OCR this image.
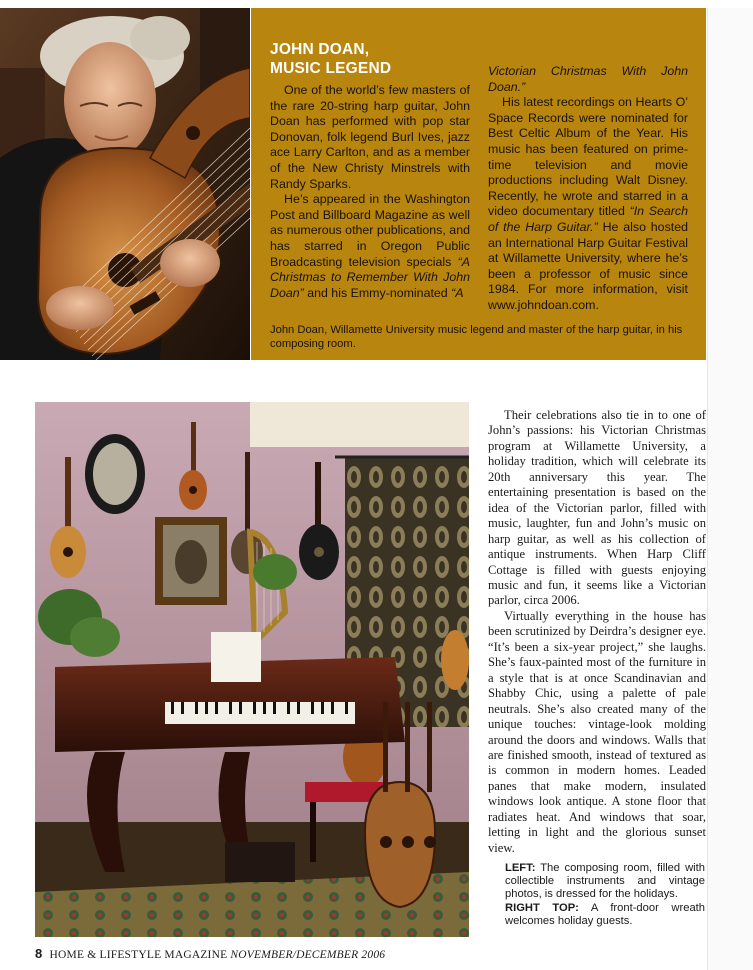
JOHN DOAN,
MUSIC LEGEND

One of the world’s few masters of the rare 20-string harp guitar, John Doan has performed with pop star Donovan, folk legend Burl Ives, jazz ace Larry Carlton, and as a member of the New Christy Minstrels with Randy Sparks.

He’s appeared in the Washington Post and Billboard Magazine as well as numerous other publications, and has starred in Oregon Public Broadcasting television specials “A Christmas to Remember With John Doan” and his Emmy-nominated “A

Victorian Christmas With John Doan.”

His latest recordings on Hearts O’ Space Records were nominated for Best Celtic Album of the Year. His music has been featured on prime-time television and movie productions including Walt Disney. Recently, he wrote and starred in a video documentary titled “In Search of the Harp Guitar.” He also hosted an International Harp Guitar Festival at Willamette University, where he’s been a professor of music since 1984. For more information, visit www.johndoan.com.

John Doan, Willamette University music legend and master of the harp guitar, in his composing room.

Their celebrations also tie in to one of John’s passions: his Victorian Christmas program at Willamette University, a holiday tradition, which will celebrate its 20th anniversary this year. The entertaining presentation is based on the idea of the Victorian parlor, filled with music, laughter, fun and John’s music on harp guitar, as well as his collection of antique instruments. When Harp Cliff Cottage is filled with guests enjoying music and fun, it seems like a Victorian parlor, circa 2006.

Virtually everything in the house has been scrutinized by Deirdra’s designer eye. “It’s been a six-year project,” she laughs. She’s faux-painted most of the furniture in a style that is at once Scandinavian and Shabby Chic, using a palette of pale neutrals. She’s also created many of the unique touches: vintage-look molding around the doors and windows. Walls that are finished smooth, instead of textured as is common in modern homes. Leaded panes that make modern, insulated windows look antique. A stone floor that radiates heat. And windows that soar, letting in light and the glorious sunset view.

LEFT: The composing room, filled with collectible instruments and vintage photos, is dressed for the holidays.
RIGHT TOP: A front-door wreath welcomes holiday guests.
8 HOME & LIFESTYLE MAGAZINE NOVEMBER/DECEMBER 2006
